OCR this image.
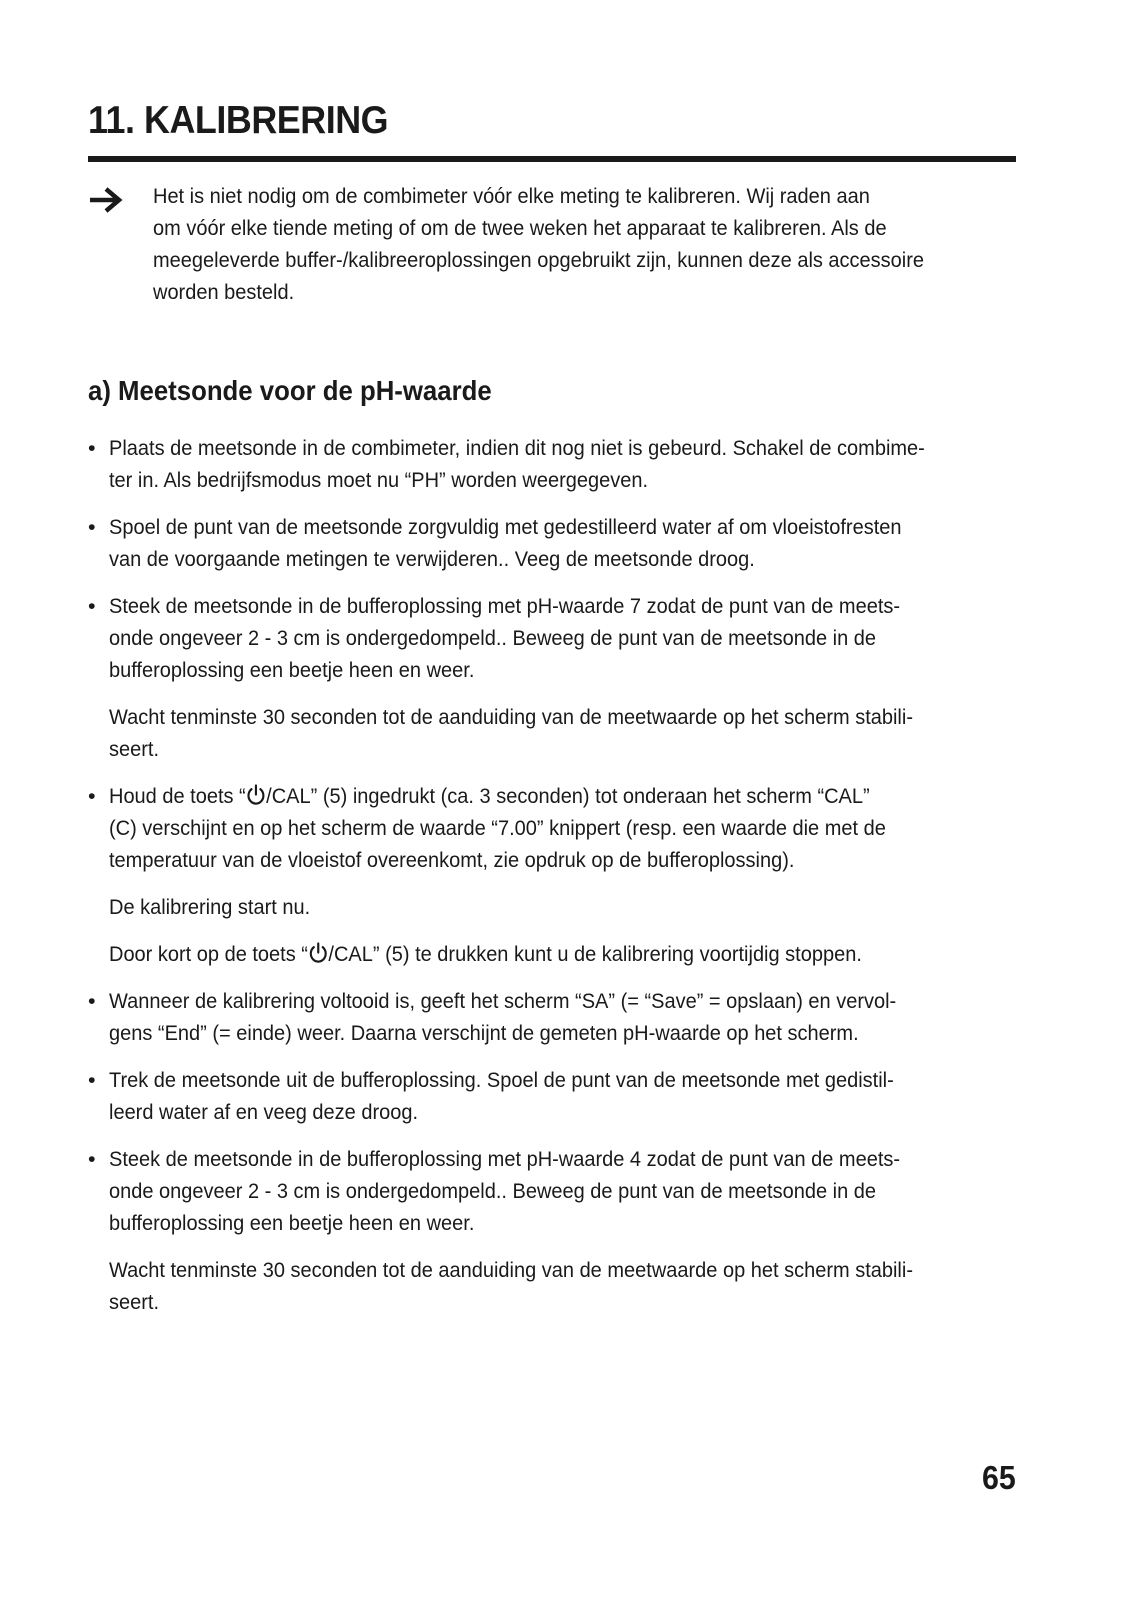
11. KALIBRERING
Het is niet nodig om de combimeter vóór elke meting te kalibreren. Wij raden aan
om vóór elke tiende meting of om de twee weken het apparaat te kalibreren. Als de
meegeleverde buffer-/kalibreeroplossingen opgebruikt zijn, kunnen deze als accessoire
worden besteld.
a) Meetsonde voor de pH-waarde
• Plaats de meetsonde in de combimeter, indien dit nog niet is gebeurd. Schakel de combime-
ter in. Als bedrijfsmodus moet nu “PH” worden weergegeven.
• Spoel de punt van de meetsonde zorgvuldig met gedestilleerd water af om vloeistofresten
van de voorgaande metingen te verwijderen.. Veeg de meetsonde droog.
• Steek de meetsonde in de bufferoplossing met pH-waarde 7 zodat de punt van de meets-
onde ongeveer 2 - 3 cm is ondergedompeld.. Beweeg de punt van de meetsonde in de
bufferoplossing een beetje heen en weer.
Wacht tenminste 30 seconden tot de aanduiding van de meetwaarde op het scherm stabili-
seert.
• Houd de toets “ /CAL” (5) ingedrukt (ca. 3 seconden) tot onderaan het scherm “CAL”
(C) verschijnt en op het scherm de waarde “7.00” knippert (resp. een waarde die met de
temperatuur van de vloeistof overeenkomt, zie opdruk op de bufferoplossing).
De kalibrering start nu.
Door kort op de toets “ /CAL” (5) te drukken kunt u de kalibrering voortijdig stoppen.
• Wanneer de kalibrering voltooid is, geeft het scherm “SA” (= “Save” = opslaan) en vervol-
gens “End” (= einde) weer. Daarna verschijnt de gemeten pH-waarde op het scherm.
• Trek de meetsonde uit de bufferoplossing. Spoel de punt van de meetsonde met gedistil-
leerd water af en veeg deze droog.
• Steek de meetsonde in de bufferoplossing met pH-waarde 4 zodat de punt van de meets-
onde ongeveer 2 - 3 cm is ondergedompeld.. Beweeg de punt van de meetsonde in de
bufferoplossing een beetje heen en weer.
Wacht tenminste 30 seconden tot de aanduiding van de meetwaarde op het scherm stabili-
seert.
65
